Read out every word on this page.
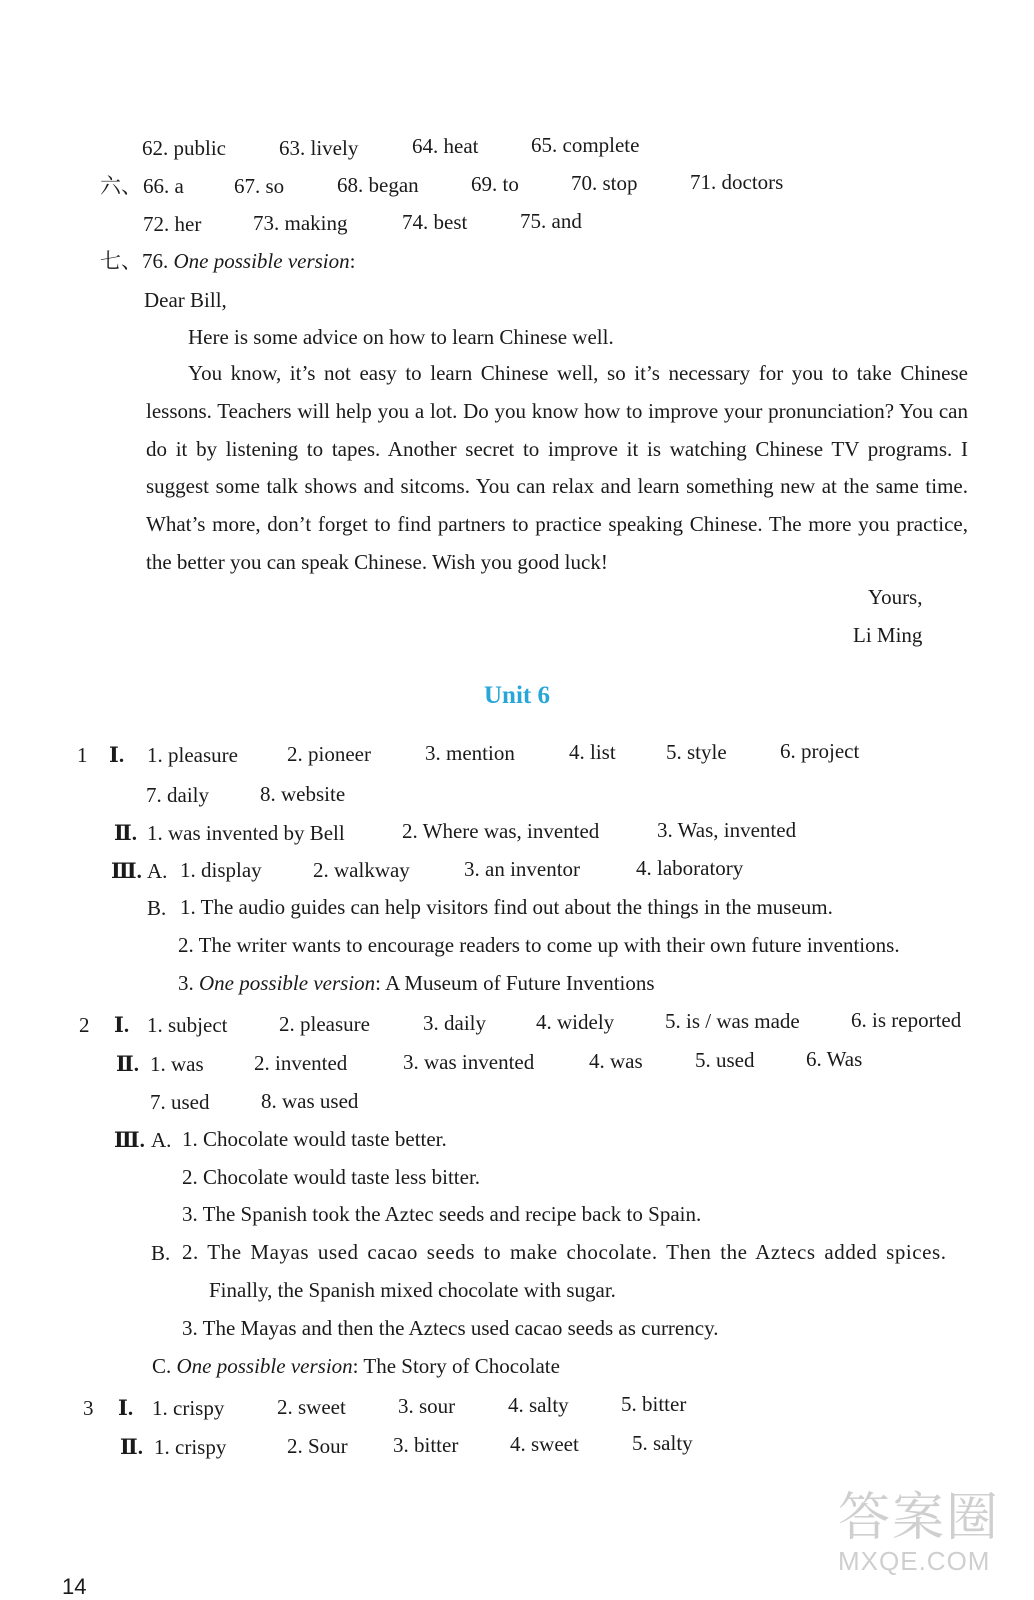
62. public	63. lively	64. heat	65. complete
六、 66. a 67. so	68. began 69. to 70. stop 71. doctors
72. her 73. making	74. best	75. and
七、76. One possible version:
Dear Bill,
Here is some advice on how to learn Chinese well.
You know, it’s not easy to learn Chinese well, so it’s necessary for you to take Chinese lessons. Teachers will help you a lot. Do you know how to improve your pronunciation? You can do it by listening to tapes. Another secret to improve it is watching Chinese TV programs. I suggest some talk shows and sitcoms. You can relax and learn something new at the same time. What’s more, don’t forget to find partners to practice speaking Chinese. The more you practice, the better you can speak Chinese. Wish you good luck!
Yours,
Li Ming
Unit 6
1 Ⅰ. 1. pleasure 2. pioneer	3. mention	4. list 5. style	6. project
7. daily 8. website
Ⅱ. 1. was invented by Bell	2. Where was, invented	3. Was, invented
Ⅲ. A. 1. display 2. walkway	3. an inventor	4. laboratory
B. 1. The audio guides can help visitors find out about the things in the museum.
2. The writer wants to encourage readers to come up with their own future inventions.
3. One possible version: A Museum of Future Inventions
2 Ⅰ. 1. subject 2. pleasure	3. daily 4. widely 5. is / was made 6. is reported
Ⅱ. 1. was 2. invented	3. was invented	4. was 5. used 6. Was
7. used 8. was used
Ⅲ. A. 1. Chocolate would taste better.
2. Chocolate would taste less bitter.
3. The Spanish took the Aztec seeds and recipe back to Spain.
B. 2. The Mayas used cacao seeds to make chocolate. Then the Aztecs added spices.
Finally, the Spanish mixed chocolate with sugar.
3. The Mayas and then the Aztecs used cacao seeds as currency.
C. One possible version: The Story of Chocolate
3 Ⅰ. 1. crispy	2. sweet 3. sour	4. salty 5. bitter
Ⅱ. 1. crispy	2. Sour 3. bitter 4. sweet	5. salty
答案圈
MXQE.COM
14
